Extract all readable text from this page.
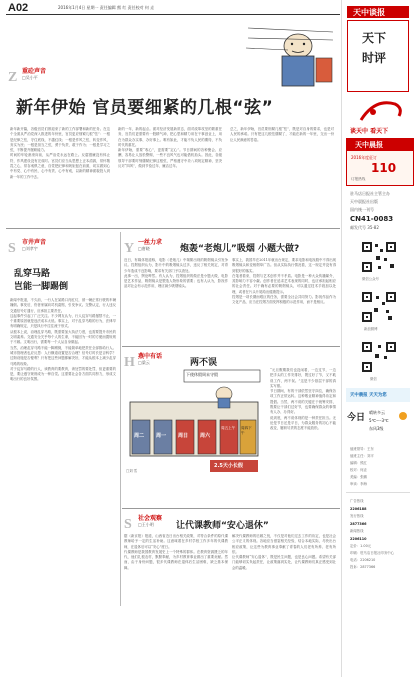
A02	2016年1月4日 星期一 责任编辑 熊 红 责任校对 何 垚
Z 重砼声音
□吴小平
新年伊始 官员要细紧的几根“弦”

新年新开篇，各级官员们都迎来了新的工作部署和新的任务。在这个全面从严治党深入推进的年份里，官员更应细紧几根“弦”：一根是纪律之弦，守住底线，不越红线；一根是作风之弦，转变作风，务实为民；一根是担当之弦，勇于负责，敢于作为；一根是学习之弦，不断提升履职能力。

时间的车轮滚滚向前，从严治党永远在路上。反腐倡廉没有休止符，作风建设没有完成时。官员们应当从思想上正本清源，常怀敬畏之心，常存戒惧之意，自觉把纪律和规矩挺在前面，切实做到心中有党、心中有民、心中有责、心中有戒，以新的精神面貌投入到新一年的工作中去。

新的一年，新的起点。面对经济发展新常态，面对改革攻坚的繁重任务，官员们更需要有一股精气神，把心思和精力用在干事创业上，用在为群众办实事、办好事上。唯有如此，才能不负人民的期待，不负时代的重托。

新年伊始，需要“收心”，更需要“定心”。节日期间的各种聚会、应酬，容易让人放松警惕，一些不良风气也可能借机抬头。因此，各级领导干部要时刻绷紧纪律这根弦，严格遵守中央八项规定精神，坚决反对“四风”，做到节俭过年、廉洁过年。

总之，新年伊始，官员要细紧几根“弦”，既是对自身的要求，也是对人民的承诺。只有把这几根弦绷紧了，才能在新的一年里，交出一份让人民满意的答卷。

S 市井声音
□刘孝宇
乱穿马路
岂能一脚踢倒

新闻中报道，不久前，一行人在某路口闯红灯，被一辆正常行驶的车辆撞倒。事发后，伤者家属向司机索赔，引发争议。交警认定，行人违反交通信号灯通行，应承担主要责任。

这起事件引起了广泛关注。不少网友认为，行人乱穿马路屡禁不止，一个重要原因就是违法成本太低。事实上，对于乱穿马路的行为，法律早有明确规定，只是执行中往往流于形式。

从根本上说，治理乱穿马路，既需要加大执法力度，也需要提升市民的文明素养。交通安全关乎每个人的生命，不能因为一时的方便而置规则于不顾。文明出行，需要每一个人从自身做起。

当然，治理乱穿马路不能一脚踢倒，不能简单地把责任全部推给行人。城市管理者也应反思：人行横道设置是否合理？信号灯时长是否科学？过街设施是否便利？只有把这些问题都解决好，才能从根本上减少乱穿马路的现象。

对于乱穿马路的行人，该教育的要教育，该处罚的要处罚，但更重要的是，要让遵守规则成为一种自觉。这需要社会各方面共同努力，形成文明出行的良好氛围。

Y 一丝力求
□唐晓	炮轰“老炮儿”吸烟 小题大做?

近日，有媒体报道称，电影《老炮儿》中频繁出现的吸烟镜头引发争议。控烟组织认为，影片中的吸烟镜头过多，违反了相关规定，对青少年造成不良影响，要求有关部门予以查处。

此事一出，舆论哗然。有人认为，控烟组织的做法是小题大做，电影是艺术作品，吸烟镜头是塑造人物形象的需要；也有人认为，影视作品对社会有示范作用，理应减少吸烟镜头。

事实上，我国早在2011年就出台规定，要求电影和电视剧中不得出现吸烟镜头和变相烟草广告。但从实际执行情况看，这一规定并没有得到很好的落实。

在笔者看来，控烟与艺术创作并不矛盾。电影是一种大众传播媒介，其影响力不容小觑。创作者在追求艺术表现的同时，也应承担起相应的社会责任。对于确有必要的吸烟镜头，可以通过技术手段加以处理，或者在片头片尾给出健康提示。

控烟是一项长期而艰巨的任务，需要全社会共同努力。影视作品作为文化产品，应当在控烟方面发挥积极的示范作用，而不是相反。

H 燕中有话
□梁云	两不误
下使休假周末守假
周二 周一 周日 周六
周五上午	周四下午
2.5天小长假
□刘 雪

“元旦假期我们也没闲着，一边过节，一边把手头的工作安排好，既过好了节，又不耽误工作，两不误。”这是不少基层干部的真实写照。

节日期间，有的干部依然坚守岗位，确保各项工作正常运转。这种敬业精神值得肯定和提倡。当然，两不误的关键在于统筹安排，既要让干部们过好节，也要确保群众的事情有人办、办得好。

说到底，两不误体现的是一种责任担当。无论是节日还是平日，为群众服务的初心不能改变，履职尽责的态度不能放松。

S 社会观察
□王小明 让代课教师“安心退休”

据《新京报》报道，山西省近日出台相关政策，对符合条件的原代课教师给予一定的生活补助。这意味着在乡村学校工作多年的代课教师，在退休后可以“安心”度日。

代课教师是我国教育发展史上一个特殊的群体。在教育资源匮乏的年代，他们扎根农村，默默奉献，为乡村教育事业做出了重要贡献。然而，由于身份问题，很多代课教师在退休后生活困难，缺乏基本保障。

解决代课教师的后顾之忧，不仅是对他们过去工作的肯定，也是社会公平正义的体现。各地应当借鉴相关经验，结合本地实际，尽快出台相应政策，让这些为教育事业奉献了青春的人们老有所养、老有所依。

让代课教师“安心退休”，既是民生问题，也是良心问题。希望有关部门能够切实负起责任，让政策落到实处，让代课教师们真正感受到社会的温暖。

天中谈报
天下
时评
谈天中 看天下
天中晨报
2016年度征订
110
订报热线
驻马店日报社主管主办
天中晨报社出版
国内统一刊号
CN41-0083
邮发代号 35-82
微信公众号
新浪微博
微信
天中晨报 天天为您
今日
晴转多云
5℃～-3℃
东风3级
值班领导：王东
值班主任：刘平
编辑：熊红
校对：何垚
美编：张鹏
审读：李海
广告热线
2206188
发行热线
2877366
新闻热线
2206110
定价：1.00元
印刷：驻马店日报社印务中心
电话：2206210
投诉：2877366
